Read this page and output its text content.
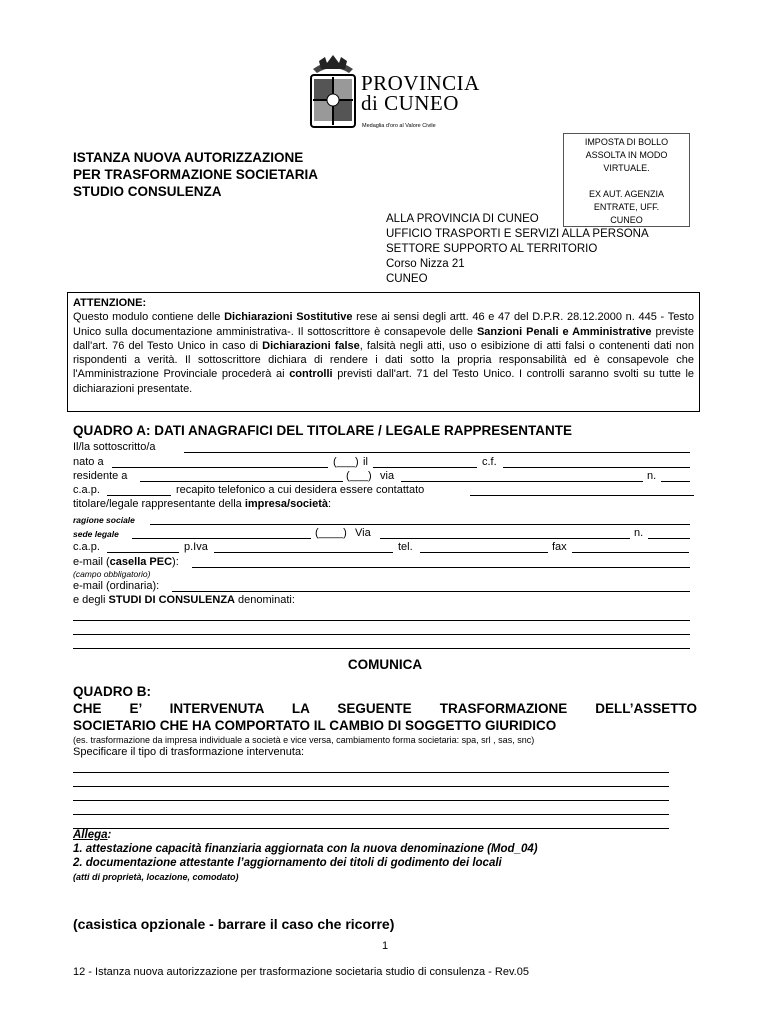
PROVINCIA
di CUNEO
Medaglia d'oro al Valore Civile
IMPOSTA DI BOLLO
ASSOLTA IN MODO
VIRTUALE.
EX AUT. AGENZIA
ENTRATE, UFF.
CUNEO
ISTANZA NUOVA AUTORIZZAZIONE
PER TRASFORMAZIONE SOCIETARIA
STUDIO CONSULENZA
ALLA PROVINCIA DI CUNEO
UFFICIO TRASPORTI E SERVIZI ALLA PERSONA
SETTORE SUPPORTO AL TERRITORIO
Corso Nizza 21
CUNEO
ATTENZIONE:
Questo modulo contiene delle Dichiarazioni Sostitutive rese ai sensi degli artt. 46 e 47 del D.P.R. 28.12.2000 n. 445 - Testo Unico sulla documentazione amministrativa-. Il sottoscrittore è consapevole delle Sanzioni Penali e Amministrative previste dall'art. 76 del Testo Unico in caso di Dichiarazioni false, falsità negli atti, uso o esibizione di atti falsi o contenenti dati non rispondenti a verità. Il sottoscrittore dichiara di rendere i dati sotto la propria responsabilità ed è consapevole che l'Amministrazione Provinciale procederà ai controlli previsti dall'art. 71 del Testo Unico. I controlli saranno svolti su tutte le dichiarazioni presentate.
QUADRO A: DATI ANAGRAFICI DEL TITOLARE / LEGALE RAPPRESENTANTE
Il/la sottoscritto/a
nato a	(___) il	c.f.
residente a	(___) via	n.
c.a.p.	recapito telefonico a cui desidera essere contattato
titolare/legale rappresentante della impresa/società:
ragione sociale
sede legale	(____) Via	n.
c.a.p.	p.Iva	tel.	fax
e-mail (casella PEC):
(campo obbligatorio)
e-mail (ordinaria):
e degli STUDI DI CONSULENZA denominati:
COMUNICA
QUADRO B:
CHE E’ INTERVENUTA LA SEGUENTE TRASFORMAZIONE DELL’ASSETTO
SOCIETARIO CHE HA COMPORTATO IL CAMBIO DI SOGGETTO GIURIDICO
(es. trasformazione da impresa individuale a società e vice versa, cambiamento forma societaria: spa, srl , sas, snc)
Specificare il tipo di trasformazione intervenuta:
Allega:
1. attestazione capacità finanziaria aggiornata con la nuova denominazione (Mod_04)
2. documentazione attestante l’aggiornamento dei titoli di godimento dei locali
(atti di proprietà, locazione, comodato)
(casistica opzionale - barrare il caso che ricorre)
1
12 - Istanza nuova autorizzazione per trasformazione societaria studio di consulenza - Rev.05
